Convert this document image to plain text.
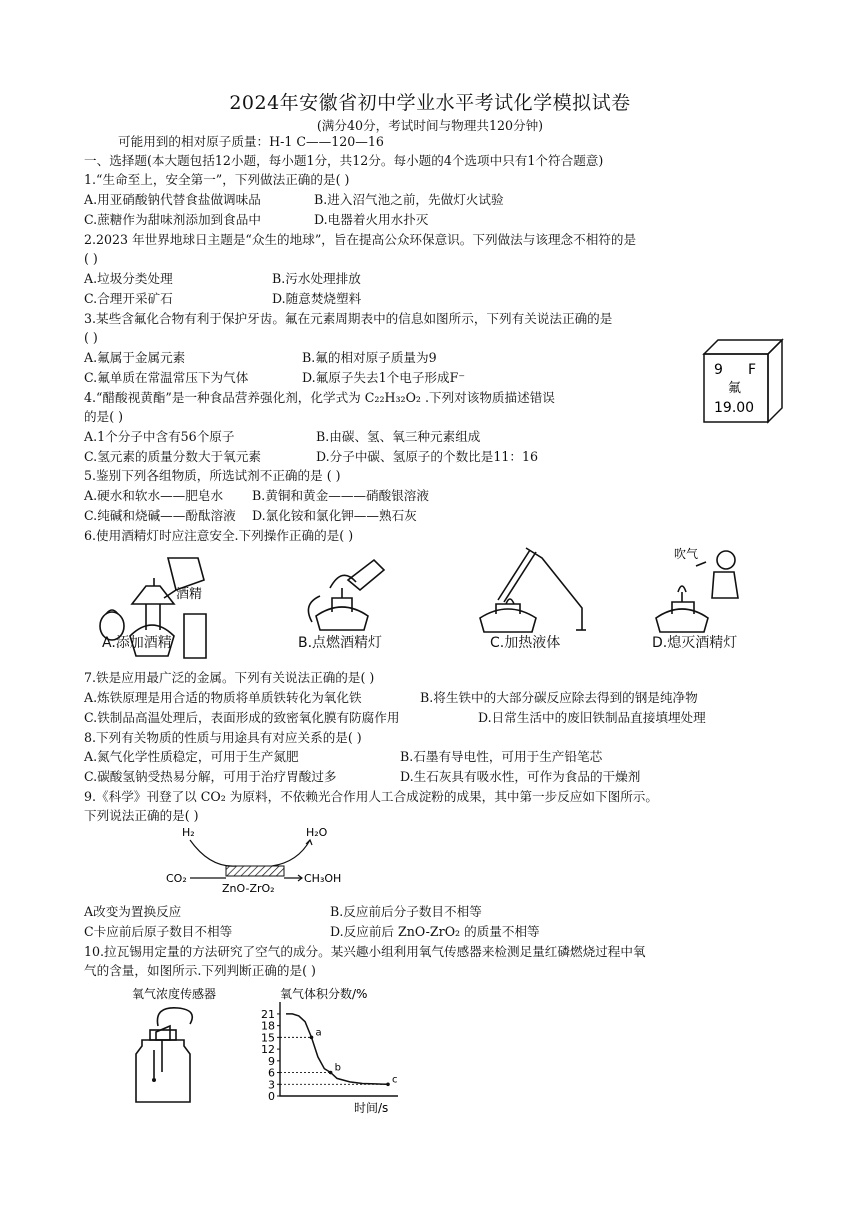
2024年安徽省初中学业水平考试化学模拟试卷
(满分40分，考试时间与物理共120分钟)
可能用到的相对原子质量：H-1 C——120—16
一、选择题(本大题包括12小题，每小题1分，共12分。每小题的4个选项中只有1个符合题意)
1.“生命至上，安全第一”，下列做法正确的是( )
A.用亚硝酸钠代替食盐做调味品	B.进入沼气池之前，先做灯火试验
C.蔗糖作为甜味剂添加到食品中	D.电器着火用水扑灭
2.2023 年世界地球日主题是“众生的地球”，旨在提高公众环保意识。下列做法与该理念不相符的是
( )
A.垃圾分类处理	B.污水处理排放
C.合理开采矿石	D.随意焚烧塑料
3.某些含氟化合物有利于保护牙齿。氟在元素周期表中的信息如图所示，下列有关说法正确的是
( )
A.氟属于金属元素	B.氟的相对原子质量为9
C.氟单质在常温常压下为气体	D.氟原子失去1个电子形成F⁻	9 F
氟
19.00
4.“醋酸视黄酯”是一种食品营养强化剂，化学式为 C₂₂H₃₂O₂ .下列对该物质描述错误
的是( )
A.1个分子中含有56个原子	B.由碳、氢、氧三种元素组成
C.氢元素的质量分数大于氧元素	D.分子中碳、氢原子的个数比是11：16
5.鉴别下列各组物质，所选试剂不正确的是 ( )
A.硬水和软水——肥皂水 B.黄铜和黄金———硝酸银溶液
C.纯碱和烧碱——酚酞溶液 D.氯化铵和氯化钾——熟石灰
6.使用酒精灯时应注意安全.下列操作正确的是( )
酒精
A.添加酒精	B.点燃酒精灯	C.加热液体
吹气
D.熄灭酒精灯
7.铁是应用最广泛的金属。下列有关说法正确的是( )
A.炼铁原理是用合适的物质将单质铁转化为氧化铁	B.将生铁中的大部分碳反应除去得到的钢是纯净物
C.铁制品高温处理后，表面形成的致密氧化膜有防腐作用	D.日常生活中的废旧铁制品直接填埋处理
8.下列有关物质的性质与用途具有对应关系的是( )
A.氮气化学性质稳定，可用于生产氮肥	B.石墨有导电性，可用于生产铅笔芯
C.碳酸氢钠受热易分解，可用于治疗胃酸过多	D.生石灰具有吸水性，可作为食品的干燥剂
9.《科学》刊登了以 CO₂ 为原料，不依赖光合作用人工合成淀粉的成果，其中第一步反应如下图所示。
下列说法正确的是( )
H₂	H₂O
CO₂	CH₃OH
ZnO-ZrO₂
A改变为置换反应	B.反应前后分子数目不相等
C卡应前后原子数目不相等	D.反应前后 ZnO-ZrO₂ 的质量不相等
10.拉瓦锡用定量的方法研究了空气的成分。某兴趣小组利用氧气传感器来检测足量红磷燃烧过程中氧
气的含量，如图所示.下列判断正确的是( )
氧气浓度传感器	氧气体积分数/%
时间/s
0
3
6
9
12
15
18
21
a
b
c
